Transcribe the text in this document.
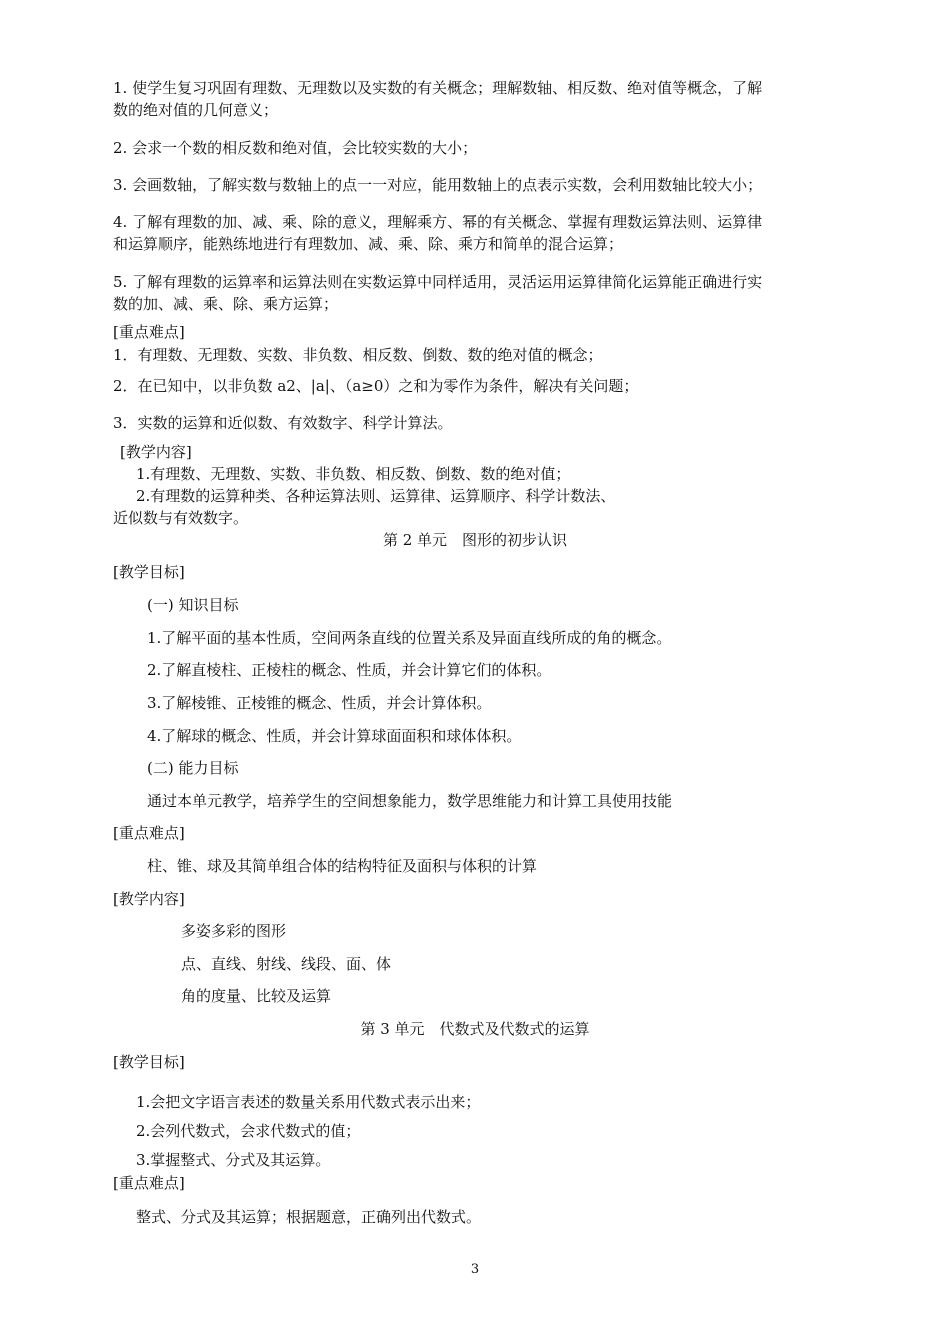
1. 使学生复习巩固有理数、无理数以及实数的有关概念；理解数轴、相反数、绝对值等概念，了解

数的绝对值的几何意义；

2. 会求一个数的相反数和绝对值，会比较实数的大小；

3. 会画数轴，了解实数与数轴上的点一一对应，能用数轴上的点表示实数，会利用数轴比较大小；

4. 了解有理数的加、减、乘、除的意义，理解乘方、幂的有关概念、掌握有理数运算法则、运算律

和运算顺序，能熟练地进行有理数加、减、乘、除、乘方和简单的混合运算；

5. 了解有理数的运算率和运算法则在实数运算中同样适用，灵活运用运算律简化运算能正确进行实

数的加、减、乘、除、乘方运算；

[重点难点]

1．有理数、无理数、实数、非负数、相反数、倒数、数的绝对值的概念；

2．在已知中，以非负数 a2、|a|、（a≥0）之和为零作为条件，解决有关问题；

3．实数的运算和近似数、有效数字、科学计算法。

[教学内容]

1.有理数、无理数、实数、非负数、相反数、倒数、数的绝对值；

2.有理数的运算种类、各种运算法则、运算律、运算顺序、科学计数法、

近似数与有效数字。

第 2 单元　图形的初步认识

[教学目标]

(一) 知识目标

1.了解平面的基本性质，空间两条直线的位置关系及异面直线所成的角的概念。

2.了解直棱柱、正棱柱的概念、性质，并会计算它们的体积。

3.了解棱锥、正棱锥的概念、性质，并会计算体积。

4.了解球的概念、性质，并会计算球面面积和球体体积。

(二) 能力目标

通过本单元教学，培养学生的空间想象能力，数学思维能力和计算工具使用技能

[重点难点]

柱、锥、球及其简单组合体的结构特征及面积与体积的计算

[教学内容]

多姿多彩的图形

点、直线、射线、线段、面、体

角的度量、比较及运算

第 3 单元　代数式及代数式的运算

[教学目标]

1.会把文字语言表述的数量关系用代数式表示出来；

2.会列代数式，会求代数式的值；

3.掌握整式、分式及其运算。

[重点难点]

整式、分式及其运算；根据题意，正确列出代数式。

3
